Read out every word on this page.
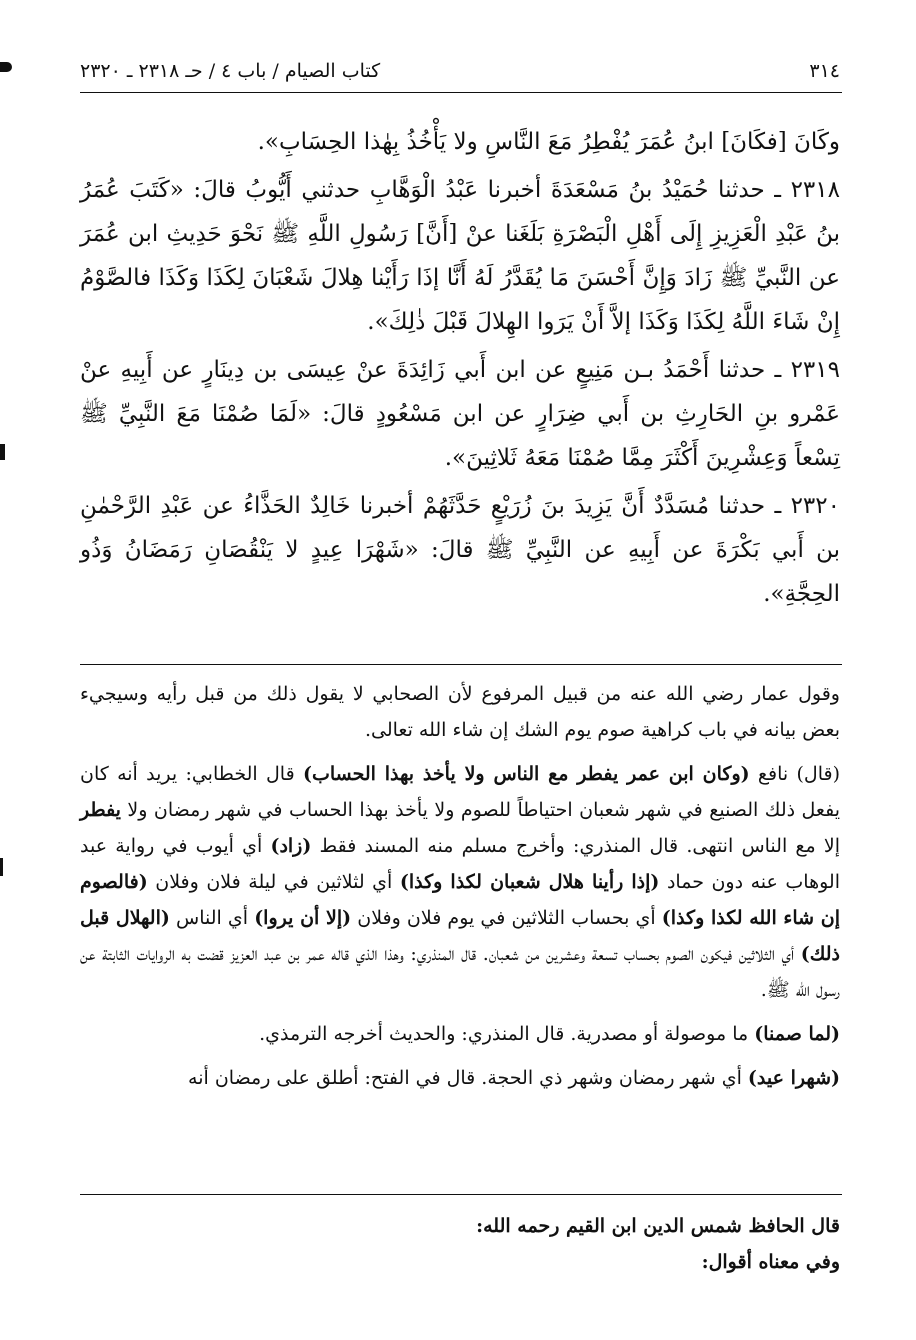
٣١٤
كتاب الصيام / باب ٤ / حـ ٢٣١٨ ـ ٢٣٢٠

وكَانَ [فكَانَ] ابنُ عُمَرَ يُفْطِرُ مَعَ النَّاسِ ولا يَأْخُذُ بِهٰذا الحِسَابِ».

٢٣١٨ ـ حدثنا حُمَيْدُ بنُ مَسْعَدَةَ أخبرنا عَبْدُ الْوَهَّابِ حدثني أَيُّوبُ قالَ: «كَتَبَ عُمَرُ بنُ عَبْدِ الْعَزِيزِ إِلَى أَهْلِ الْبَصْرَةِ بَلَغَنا عنْ [أَنَّ] رَسُولِ اللَّهِ ﷺ نَحْوَ حَدِيثِ ابن عُمَرَ عن النَّبيِّ ﷺ زَادَ وَإِنَّ أَحْسَنَ مَا يُقَدَّرُ لَهُ أَنَّا إذَا رَأَيْنا هِلالَ شَعْبَانَ لِكَذَا وَكَذَا فالصَّوْمُ إِنْ شَاءَ اللَّهُ لِكَذَا وَكَذَا إلاَّ أَنْ يَرَوا الهِلالَ قَبْلَ ذٰلِكَ».

٢٣١٩ ـ حدثنا أَحْمَدُ بـن مَنِيعٍ عن ابن أَبي زَائِدَةَ عنْ عِيسَى بن دِينَارٍ عن أَبِيهِ عنْ عَمْرو بنِ الحَارِثِ بن أَبي ضِرَارٍ عن ابن مَسْعُودٍ قالَ: «لَمَا صُمْنَا مَعَ النَّبِيِّ ﷺ تِسْعاً وَعِشْرِينَ أَكْثَرَ مِمَّا صُمْنَا مَعَهُ ثَلاثِينَ».

٢٣٢٠ ـ حدثنا مُسَدَّدٌ أَنَّ يَزِيدَ بنَ زُرَيْعٍ حَدَّثَهُمْ أخبرنا خَالِدٌ الحَذَّاءُ عن عَبْدِ الرَّحْمٰنِ بن أَبي بَكْرَةَ عن أَبِيهِ عن النَّبِيِّ ﷺ قالَ: «شَهْرَا عِيدٍ لا يَنْقُصَانِ رَمَضَانُ وَذُو الحِجَّةِ».

وقول عمار رضي الله عنه من قبيل المرفوع لأن الصحابي لا يقول ذلك من قبل رأيه وسيجيء بعض بيانه في باب كراهية صوم يوم الشك إن شاء الله تعالى.

(قال) نافع (وكان ابن عمر يفطر مع الناس ولا يأخذ بهذا الحساب) قال الخطابي: يريد أنه كان يفعل ذلك الصنيع في شهر شعبان احتياطاً للصوم ولا يأخذ بهذا الحساب في شهر رمضان ولا يفطر إلا مع الناس انتهى. قال المنذري: وأخرج مسلم منه المسند فقط (زاد) أي أيوب في رواية عبد الوهاب عنه دون حماد (إذا رأينا هلال شعبان لكذا وكذا) أي لثلاثين في ليلة فلان وفلان (فالصوم إن شاء الله لكذا وكذا) أي بحساب الثلاثين في يوم فلان وفلان (إلا أن يروا) أي الناس (الهلال قبل ذلك) أي الثلاثين فيكون الصوم بحساب تسعة وعشرين من شعبان. قال المنذري: وهذا الذي قاله عمر بن عبد العزيز قضت به الروايات الثابتة عن رسول الله ﷺ.

(لما صمنا) ما موصولة أو مصدرية. قال المنذري: والحديث أخرجه الترمذي.

(شهرا عيد) أي شهر رمضان وشهر ذي الحجة. قال في الفتح: أطلق على رمضان أنه

قال الحافظ شمس الدين ابن القيم رحمه الله:

وفي معناه أقوال:
